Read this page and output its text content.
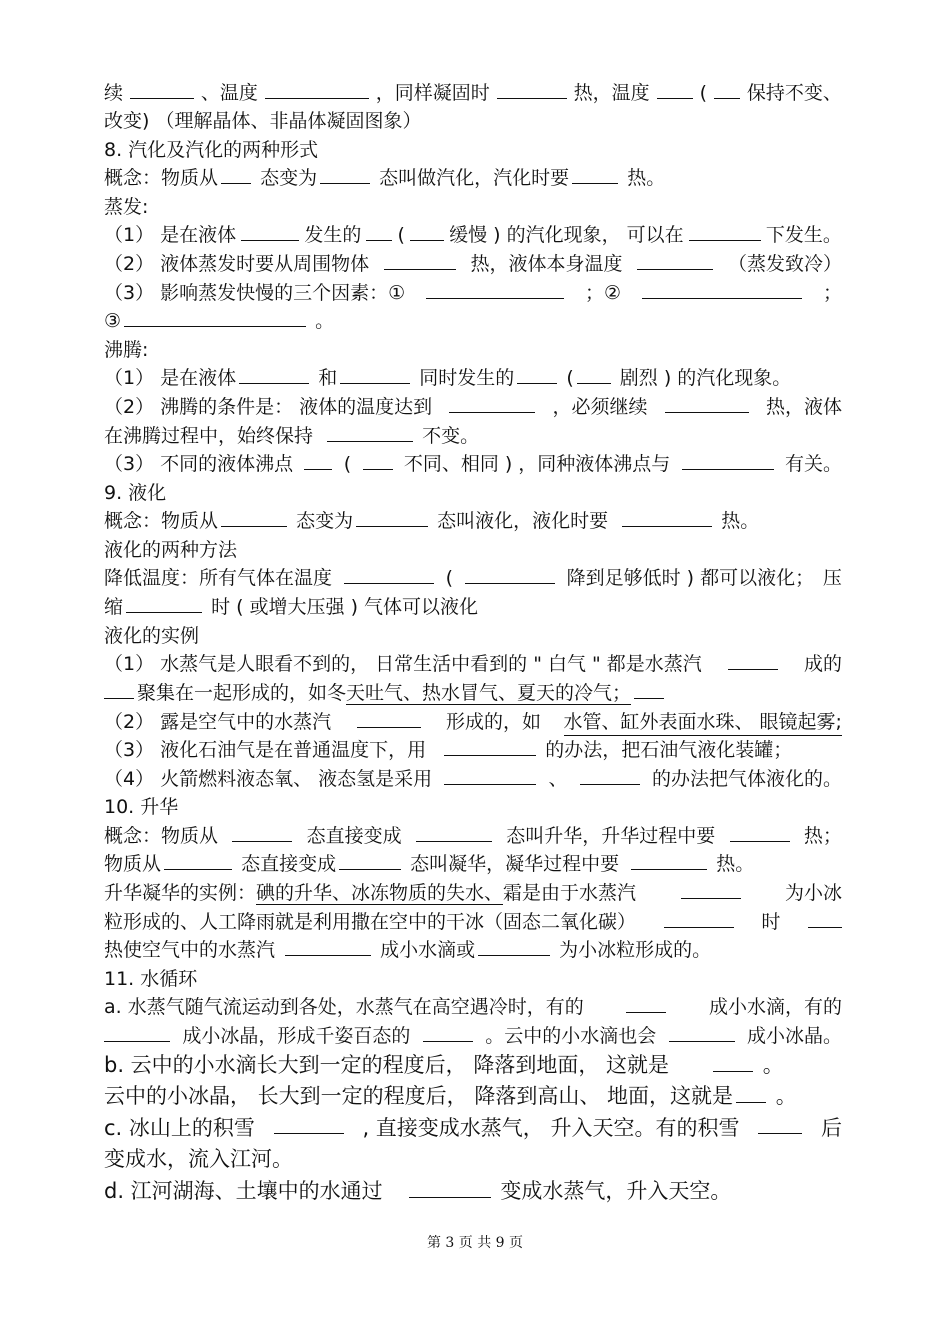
续	、温度	，同样凝固时	热，温度	( 保持不变、
改变) （理解晶体、非晶体凝固图象）
8. 汽化及汽化的两种形式
概念：物质从 态变为	态叫做汽化，汽化时要	热。
蒸发:
（1） 是在液体	发生的 ( 缓慢 ) 的汽化现象， 可以在	下发生。
（2） 液体蒸发时要从周围物体	热，液体本身温度	（蒸发致冷）
（3） 影响蒸发快慢的三个因素：①	；②	；
③	。
沸腾:
（1） 是在液体	和	同时发生的	( 剧烈 ) 的汽化现象。
（2） 沸腾的条件是： 液体的温度达到	，必须继续	热，液体
在沸腾过程中，始终保持	不变。
（3） 不同的液体沸点	(	不同、相同 ) ，同种液体沸点与	有关。
9. 液化
概念：物质从	态变为	态叫液化，液化时要	热。
液化的两种方法
降低温度：所有气体在温度	(	降到足够低时 ) 都可以液化； 压
缩	时 ( 或增大压强 ) 气体可以液化
液化的实例
（1） 水蒸气是人眼看不到的， 日常生活中看到的 " 白气 " 都是水蒸汽	成的
聚集在一起形成的，如冬天吐气、热水冒气、夏天的冷气；
（2） 露是空气中的水蒸汽	形成的，如 水管、缸外表面水珠、 眼镜起雾;
（3） 液化石油气是在普通温度下，用	的办法，把石油气液化装罐；
（4） 火箭燃料液态氧、 液态氢是采用	、	的办法把气体液化的。
10. 升华
概念：物质从	态直接变成	态叫升华，升华过程中要	热；
物质从	态直接变成	态叫凝华，凝华过程中要	热。
升华凝华的实例：碘的升华、冰冻物质的失水、霜是由于水蒸汽	为小冰
粒形成的、人工降雨就是利用撒在空中的干冰（固态二氧化碳）	时
热使空气中的水蒸汽	成小水滴或	为小冰粒形成的。
11. 水循环
a. 水蒸气随气流运动到各处，水蒸气在高空遇冷时，有的	成小水滴，有的
成小冰晶，形成千姿百态的	。云中的小水滴也会	成小冰晶。
b. 云中的小水滴长大到一定的程度后， 降落到地面， 这就是	。
云中的小冰晶， 长大到一定的程度后， 降落到高山、 地面，这就是 。
c. 冰山上的积雪	, 直接变成水蒸气， 升入天空。有的积雪	后
变成水，流入江河。
d. 江河湖海、土壤中的水通过	变成水蒸气，升入天空。
第 3 页 共 9 页
